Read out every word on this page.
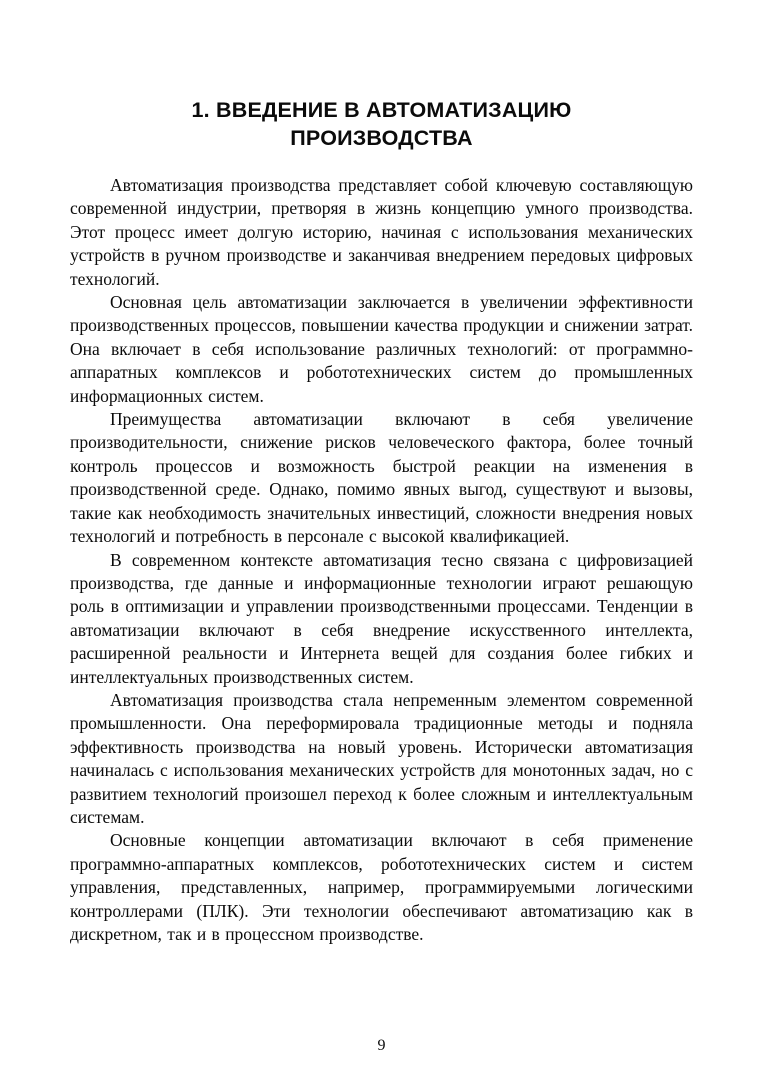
1. ВВЕДЕНИЕ В АВТОМАТИЗАЦИЮ ПРОИЗВОДСТВА

Автоматизация производства представляет собой ключевую составляющую современной индустрии, претворяя в жизнь концепцию умного производства. Этот процесс имеет долгую историю, начиная с использования механических устройств в ручном производстве и заканчивая внедрением передовых цифровых технологий.

Основная цель автоматизации заключается в увеличении эффективности производственных процессов, повышении качества продукции и снижении затрат. Она включает в себя использование различных технологий: от программно-аппаратных комплексов и робототехнических систем до промышленных информационных систем.

Преимущества автоматизации включают в себя увеличение производительности, снижение рисков человеческого фактора, более точный контроль процессов и возможность быстрой реакции на изменения в производственной среде. Однако, помимо явных выгод, существуют и вызовы, такие как необходимость значительных инвестиций, сложности внедрения новых технологий и потребность в персонале с высокой квалификацией.

В современном контексте автоматизация тесно связана с цифровизацией производства, где данные и информационные технологии играют решающую роль в оптимизации и управлении производственными процессами. Тенденции в автоматизации включают в себя внедрение искусственного интеллекта, расширенной реальности и Интернета вещей для создания более гибких и интеллектуальных производственных систем.

Автоматизация производства стала непременным элементом современной промышленности. Она переформировала традиционные методы и подняла эффективность производства на новый уровень. Исторически автоматизация начиналась с использования механических устройств для монотонных задач, но с развитием технологий произошел переход к более сложным и интеллектуальным системам.

Основные концепции автоматизации включают в себя применение программно-аппаратных комплексов, робототехнических систем и систем управления, представленных, например, программируемыми логическими контроллерами (ПЛК). Эти технологии обеспечивают автоматизацию как в дискретном, так и в процессном производстве.

9
